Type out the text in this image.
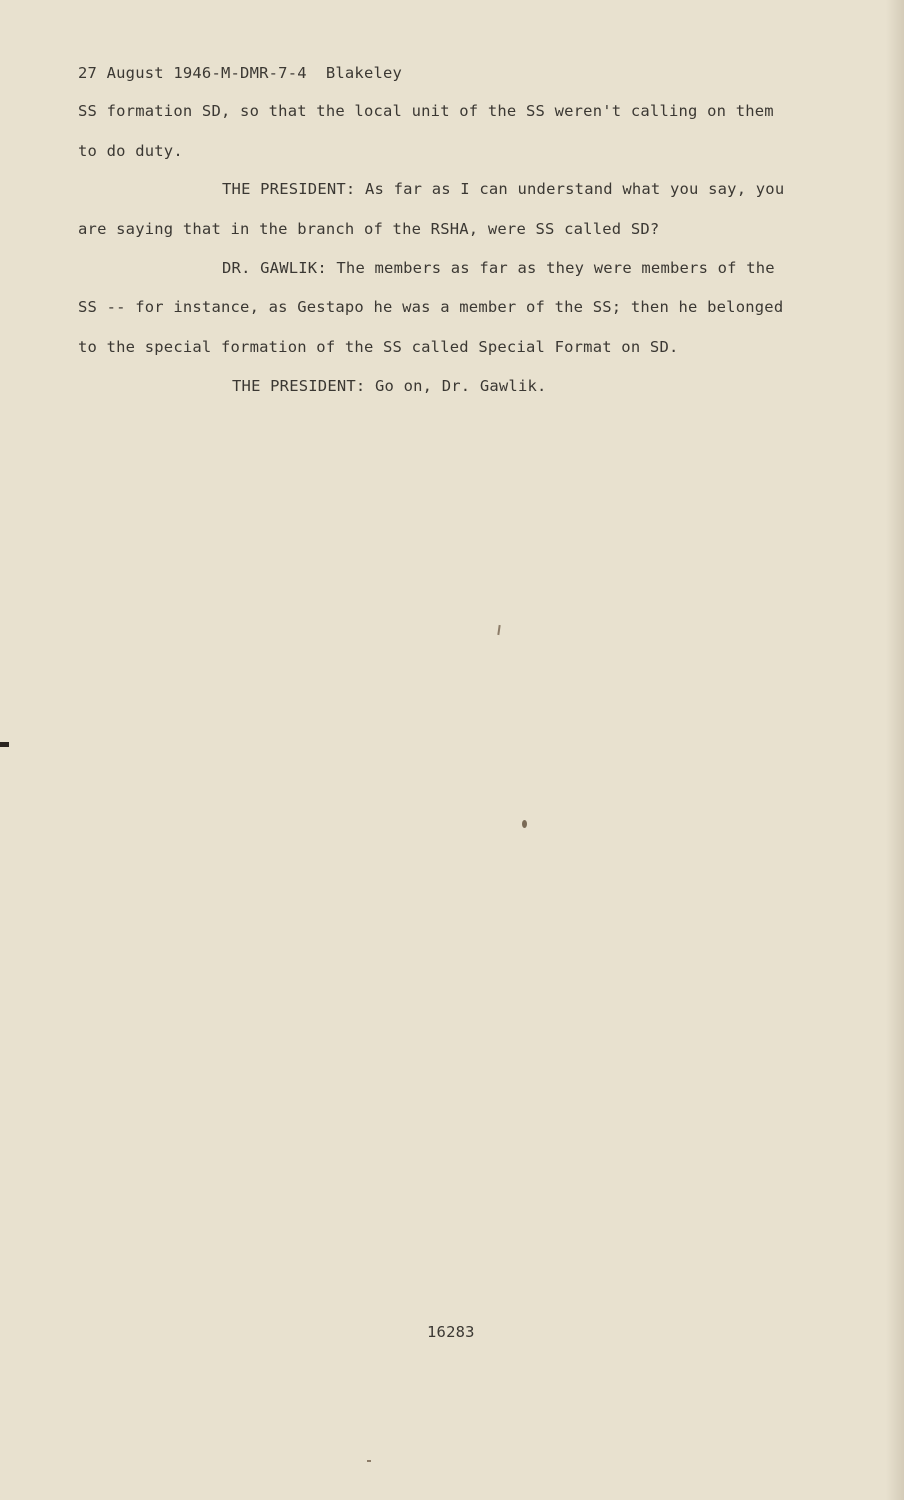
27 August 1946-M-DMR-7-4  Blakeley

SS formation SD, so that the local unit of the SS weren't calling on them

to do duty.

THE PRESIDENT: As far as I can understand what you say, you

are saying that in the branch of the RSHA, were SS called SD?

DR. GAWLIK: The members as far as they were members of the

SS -- for instance, as Gestapo he was a member of the SS; then he belonged

to the special formation of the SS called Special Format on SD.

THE PRESIDENT: Go on, Dr. Gawlik.

16283
